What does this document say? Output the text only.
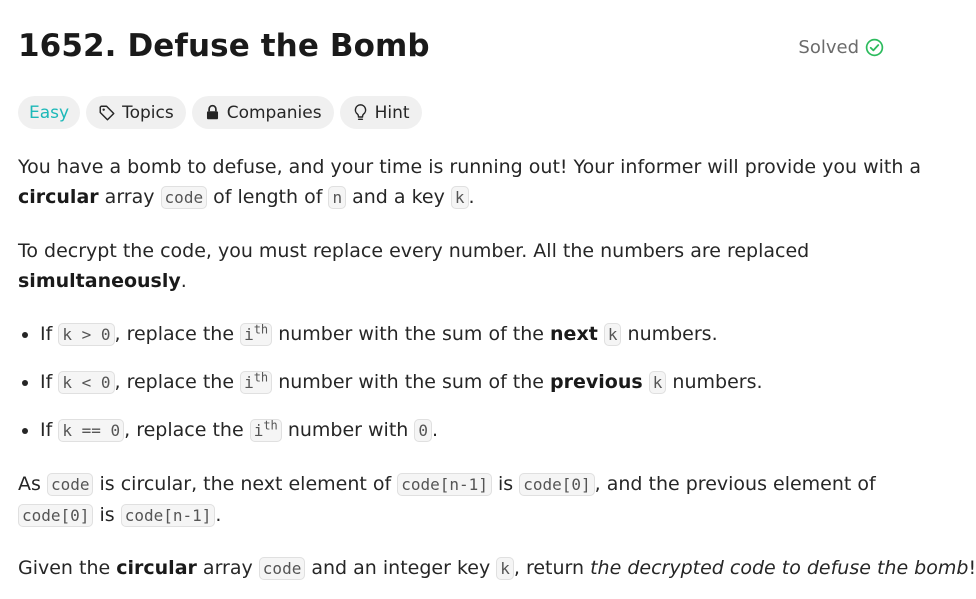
1652. Defuse the Bomb	Solved
Easy	Topics	Companies	Hint
You have a bomb to defuse, and your time is running out! Your informer will provide you with a
circular array code of length of n and a key k .
To decrypt the code, you must replace every number. All the numbers are replaced
simultaneously.
• If k > 0 , replace the $i^{th}$ number with the sum of the next k numbers.
• If k < 0 , replace the $i^{th}$ number with the sum of the previous k numbers.
• If k == 0 , replace the $i^{th}$ number with 0 .
As code is circular, the next element of code[n-1] is code[0] , and the previous element of
code[0] is code[n-1] .
Given the circular array code and an integer key k , return the decrypted code to defuse the bomb!
